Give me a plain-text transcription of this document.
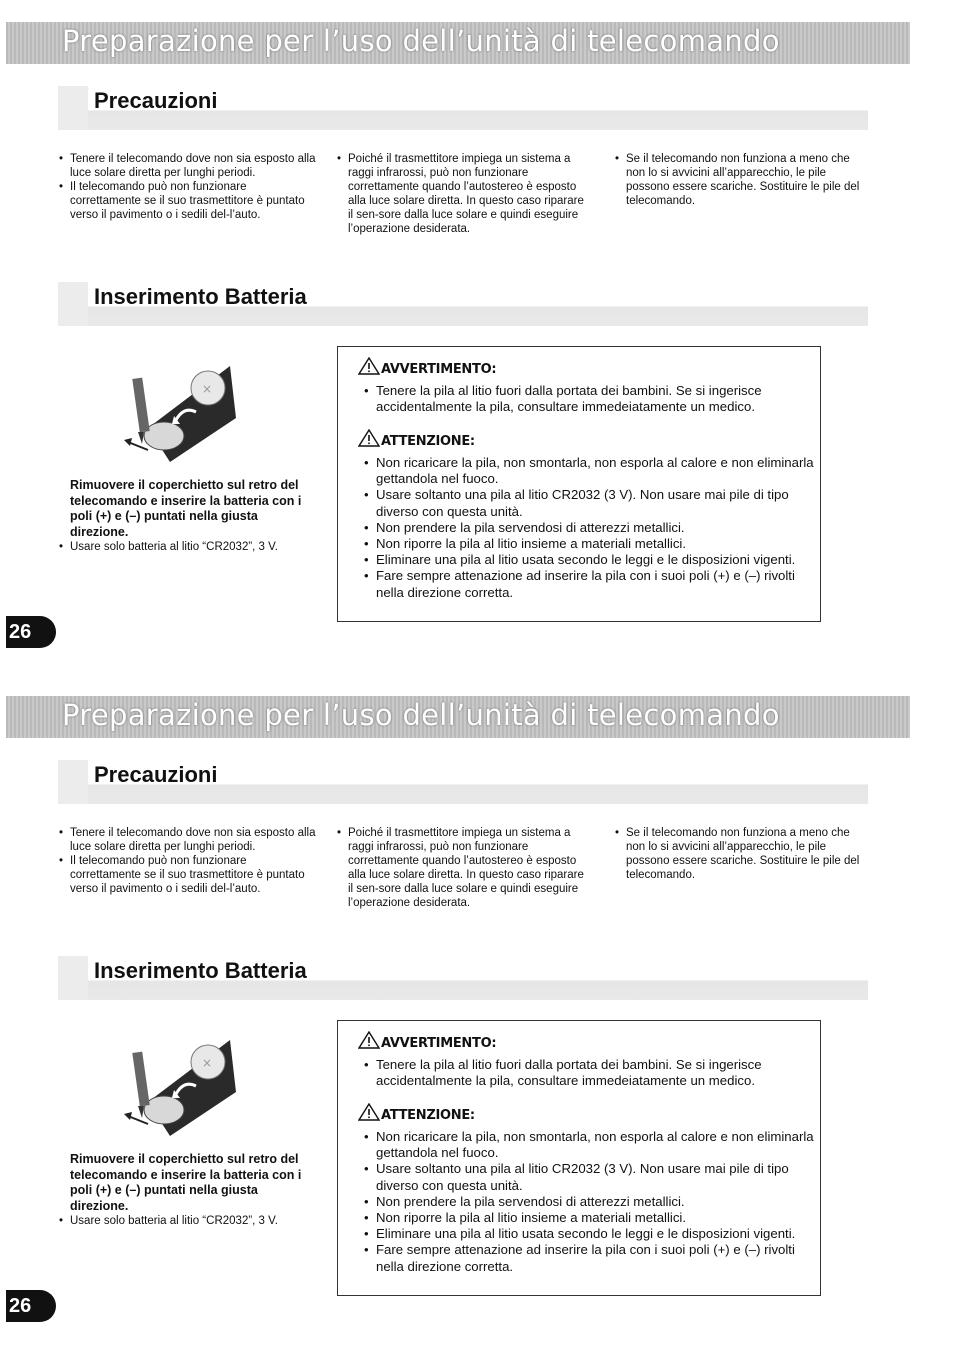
Preparazione per l’uso dell’unità di telecomando
Precauzioni
• Tenere il telecomando dove non sia esposto alla luce solare diretta per lunghi periodi.
• Il telecomando può non funzionare correttamente se il suo trasmettitore è puntato verso il pavimento o i sedili del-l’auto.
• Poiché il trasmettitore impiega un sistema a raggi infrarossi, può non funzionare correttamente quando l’autostereo è esposto alla luce solare diretta. In questo caso riparare il sen-sore dalla luce solare e quindi eseguire l’operazione desiderata.
• Se il telecomando non funziona a meno che non lo si avvicini all’apparecchio, le pile possono essere scariche. Sostituire le pile del telecomando.
Inserimento Batteria
×
Rimuovere il coperchietto sul retro del telecomando e inserire la batteria con i poli (+) e (–) puntati nella giusta direzione.
• Usare solo batteria al litio “CR2032”, 3 V.
AVVERTIMENTO:
• Tenere la pila al litio fuori dalla portata dei bambini. Se si ingerisce accidentalmente la pila, consultare immedeiatamente un medico.
ATTENZIONE:
• Non ricaricare la pila, non smontarla, non esporla al calore e non eliminarla gettandola nel fuoco.
• Usare soltanto una pila al litio CR2032 (3 V). Non usare mai pile di tipo diverso con questa unità.
• Non prendere la pila servendosi di atterezzi metallici.
• Non riporre la pila al litio insieme a materiali metallici.
• Eliminare una pila al litio usata secondo le leggi e le disposizioni vigenti.
• Fare sempre attenazione ad inserire la pila con i suoi poli (+) e (–) rivolti nella direzione corretta.
26
Preparazione per l’uso dell’unità di telecomando
Precauzioni
• Tenere il telecomando dove non sia esposto alla luce solare diretta per lunghi periodi.
• Il telecomando può non funzionare correttamente se il suo trasmettitore è puntato verso il pavimento o i sedili del-l’auto.
• Poiché il trasmettitore impiega un sistema a raggi infrarossi, può non funzionare correttamente quando l’autostereo è esposto alla luce solare diretta. In questo caso riparare il sen-sore dalla luce solare e quindi eseguire l’operazione desiderata.
• Se il telecomando non funziona a meno che non lo si avvicini all’apparecchio, le pile possono essere scariche. Sostituire le pile del telecomando.
Inserimento Batteria
×
Rimuovere il coperchietto sul retro del telecomando e inserire la batteria con i poli (+) e (–) puntati nella giusta direzione.
• Usare solo batteria al litio “CR2032”, 3 V.
AVVERTIMENTO:
• Tenere la pila al litio fuori dalla portata dei bambini. Se si ingerisce accidentalmente la pila, consultare immedeiatamente un medico.
ATTENZIONE:
• Non ricaricare la pila, non smontarla, non esporla al calore e non eliminarla gettandola nel fuoco.
• Usare soltanto una pila al litio CR2032 (3 V). Non usare mai pile di tipo diverso con questa unità.
• Non prendere la pila servendosi di atterezzi metallici.
• Non riporre la pila al litio insieme a materiali metallici.
• Eliminare una pila al litio usata secondo le leggi e le disposizioni vigenti.
• Fare sempre attenazione ad inserire la pila con i suoi poli (+) e (–) rivolti nella direzione corretta.
26
